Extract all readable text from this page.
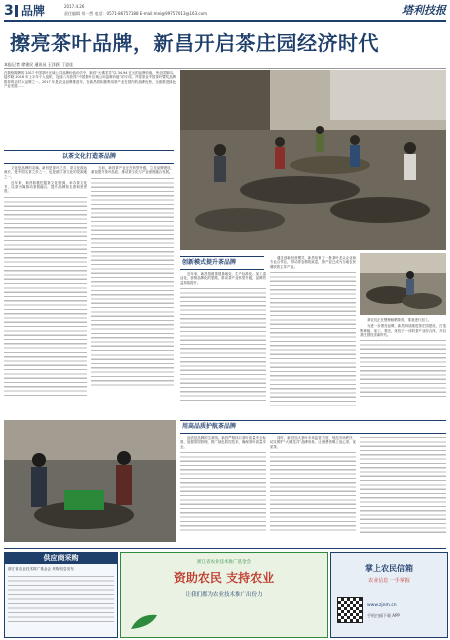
3 品牌	2017.4.26
责任编辑 刘一然 电话：0571-86757188 E-mail:mei@99757013@163.com	塔利技报
擦亮茶叶品牌，新昌开启茶庄园经济时代
本报记者 徐建民 通讯员 王洋跃 丁思佳
在我校揭牌的 2017 中国茶叶区域公共品牌价值评估中，新昌“大佛龙井”以 34.94 亿元的品牌价值，列全国第四。陆亭晓 2016 年上半年个人组织，连续八年获得“中国茶叶区域公用品牌价值”的专项。并将茶业中国茶叶暨奖品牌推荐的农村大品牌之一。2017 年是农业品牌推进年，在新昌将积极利用茶产业在国内的品牌优势，全面推进绿色产业发展……
以茶文化打造茶品牌

文化是品牌的灵魂。新昌是茶叶之乡，茶文化源远流长，是中国名茶之乡之一，也是浙江茶文化的发源地之一。

近年来，新昌积极挖掘茶文化资源，举办茶文化节，以茶为媒推动茶旅融合，提升品牌知名度和美誉度。

当前，新昌茶产业正在转型升级，立足品牌建设，重视提升茶叶品质，推动茶文化与产业深度融合发展。

创新模式提升茶品牌

近年来，新昌按照茶园基地化、生产标准化、加工清洁化、营销品牌化的思路，推动茶产业转型升级，品牌效益持续提升。

通过创新经营模式，新昌培育了一批茶叶龙头企业和专业合作社，带动茶农增收致富，茶产业已成为当地农民增收的主导产业。

茶农们正在整理晾晒茶青，准备进行加工。

为进一步擦亮品牌，新昌持续推进茶庄园建设，打造集种植、加工、观光、体验于一体的茶产业综合体，开启茶庄园经济新时代。

用高品质护航茶品牌

品质是品牌的生命线。新昌严格执行茶叶质量安全标准，加强茶园管理，推广绿色防控技术，确保茶叶质量安全。

同时，新昌加大茶叶市场监管力度，规范市场秩序，切实维护“大佛龙井”品牌形象，让消费者喝上放心茶、优质茶。

供应商采购
浙江省农业技术推广基金会 采购信息发布
浙江省农业技术推广基金会
资助农民 支持农业
让我们都为农业技术推广出份力
掌上农民信箱
农业信息 一手掌握
www.zjnm.cn
手机扫描下载 APP
